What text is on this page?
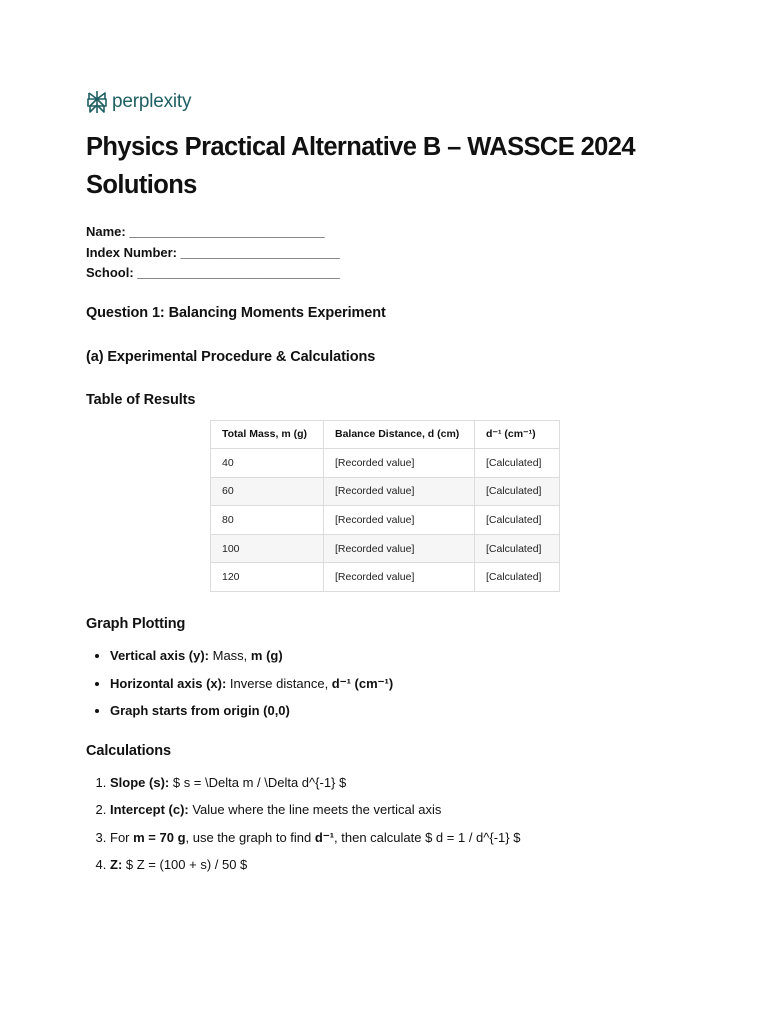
perplexity
Physics Practical Alternative B – WASSCE 2024 Solutions
Name: ___________________________
Index Number: ______________________
School: ____________________________
Question 1: Balancing Moments Experiment
(a) Experimental Procedure & Calculations
Table of Results
Total Mass, m (g)	Balance Distance, d (cm)	d⁻¹ (cm⁻¹)
40	[Recorded value]	[Calculated]
60	[Recorded value]	[Calculated]
80	[Recorded value]	[Calculated]
100	[Recorded value]	[Calculated]
120	[Recorded value]	[Calculated]
Graph Plotting
• Vertical axis (y): Mass, m (g)
• Horizontal axis (x): Inverse distance, d⁻¹ (cm⁻¹)
• Graph starts from origin (0,0)
Calculations
1. Slope (s): $ s = \Delta m / \Delta d^{-1} $
2. Intercept (c): Value where the line meets the vertical axis
3. For m = 70 g, use the graph to find d⁻¹, then calculate $ d = 1 / d^{-1} $
4. Z: $ Z = (100 + s) / 50 $
